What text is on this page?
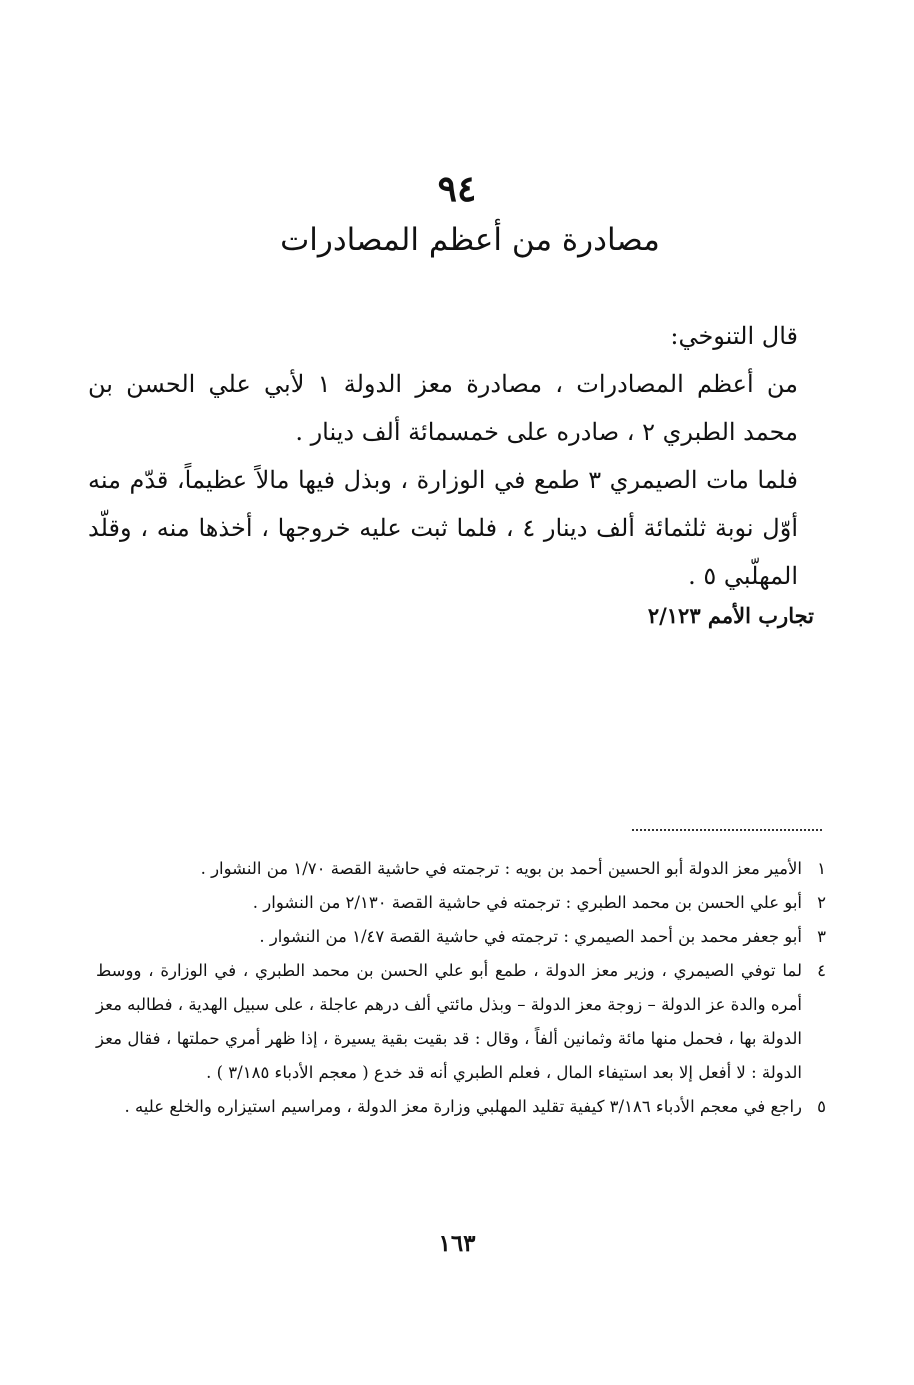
٩٤
مصادرة من أعظم المصادرات

قال التنوخي:

من أعظم المصادرات ، مصادرة معز الدولة ١ لأبي علي الحسن بن محمد الطبري ٢ ، صادره على خمسمائة ألف دينار .

فلما مات الصيمري ٣ طمع في الوزارة ، وبذل فيها مالاً عظيماً، قدّم منه أوّل نوبة ثلثمائة ألف دينار ٤ ، فلما ثبت عليه خروجها ، أخذها منه ، وقلّد المهلّبي ٥ .

تجارب الأمم ٢/١٢٣

١
الأمير معز الدولة أبو الحسين أحمد بن بويه : ترجمته في حاشية القصة ١/٧٠ من النشوار .

٢
أبو علي الحسن بن محمد الطبري : ترجمته في حاشية القصة ٢/١٣٠ من النشوار .

٣
أبو جعفر محمد بن أحمد الصيمري : ترجمته في حاشية القصة ١/٤٧ من النشوار .

٤
لما توفي الصيمري ، وزير معز الدولة ، طمع أبو علي الحسن بن محمد الطبري ، في الوزارة ، ووسط أمره والدة عز الدولة – زوجة معز الدولة – وبذل مائتي ألف درهم عاجلة ، على سبيل الهدية ، فطالبه معز الدولة بها ، فحمل منها مائة وثمانين ألفاً ، وقال : قد بقيت بقية يسيرة ، إذا ظهر أمري حملتها ، فقال معز الدولة : لا أفعل إلا بعد استيفاء المال ، فعلم الطبري أنه قد خدع ( معجم الأدباء ٣/١٨٥ ) .

٥
راجع في معجم الأدباء ٣/١٨٦ كيفية تقليد المهلبي وزارة معز الدولة ، ومراسيم استيزاره والخلع عليه .

١٦٣
